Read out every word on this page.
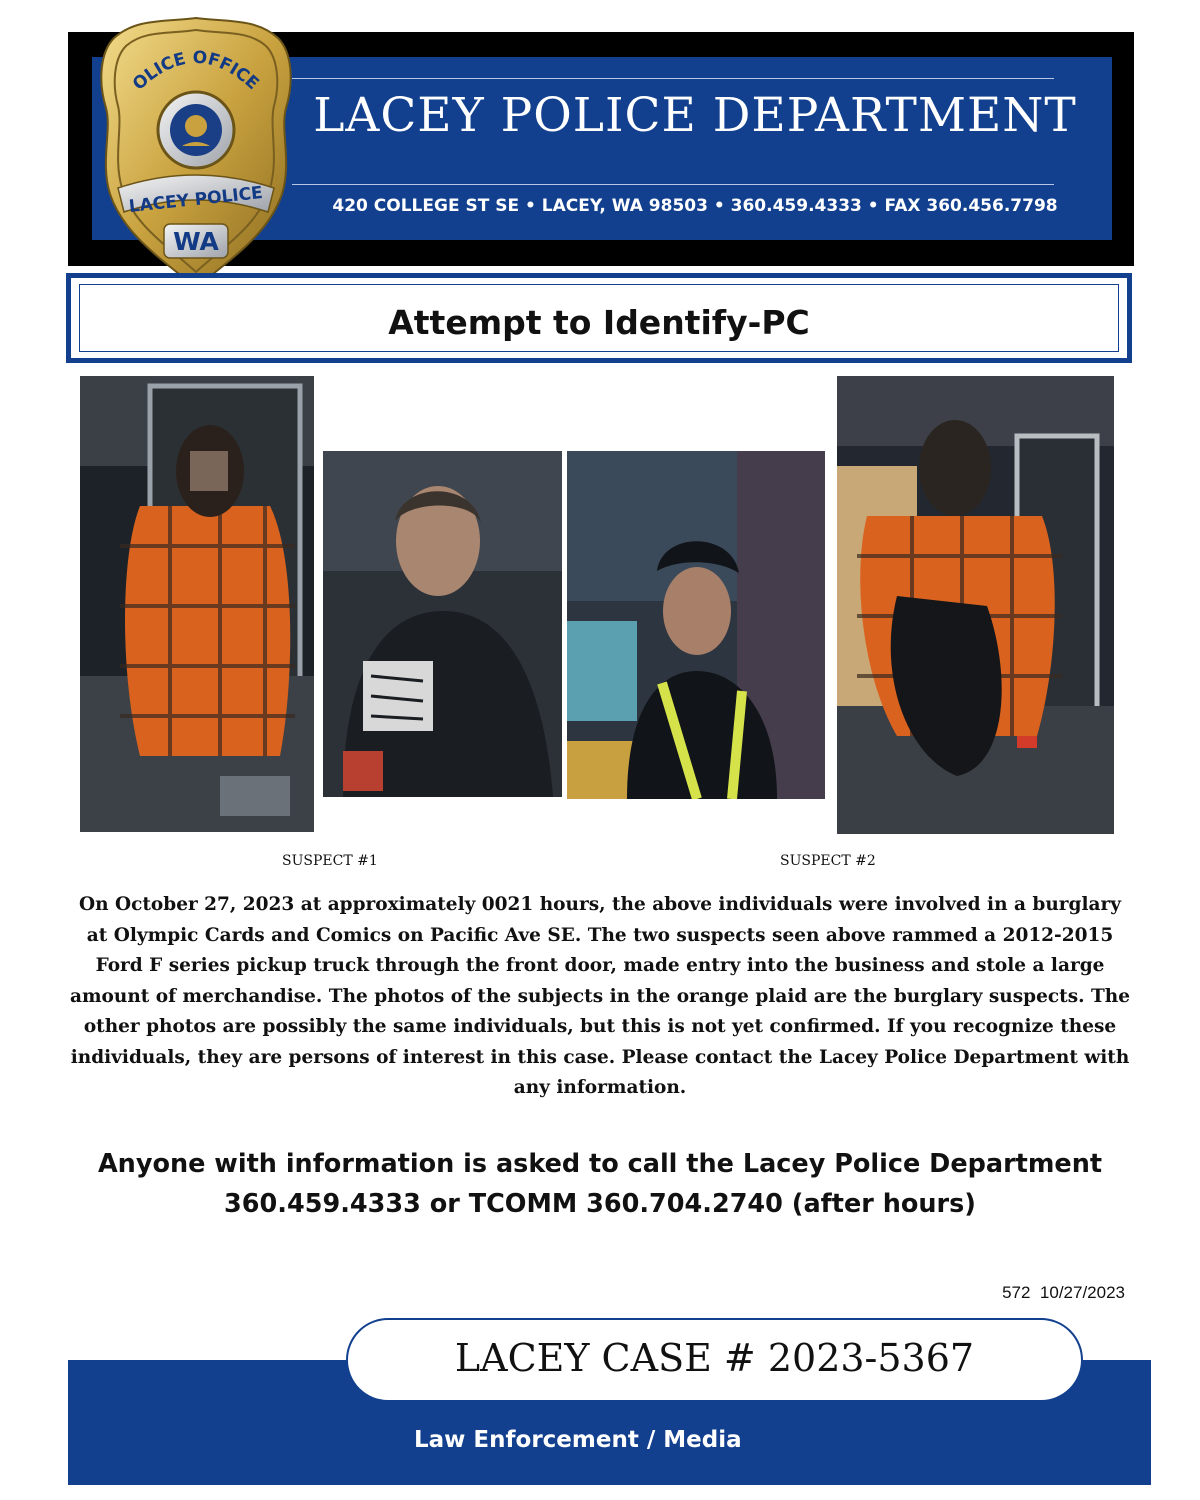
LACEY POLICE DEPARTMENT
420 COLLEGE ST SE • LACEY, WA 98503 • 360.459.4333 • FAX 360.456.7798
OLICE OFFICE
LACEY POLICE
WA
Attempt to Identify-PC
SUSPECT #1	SUSPECT #2
On October 27, 2023 at approximately 0021 hours, the above individuals were involved in a burglary at Olympic Cards and Comics on Pacific Ave SE. The two suspects seen above rammed a 2012-2015 Ford F series pickup truck through the front door, made entry into the business and stole a large amount of merchandise. The photos of the subjects in the orange plaid are the burglary suspects. The other photos are possibly the same individuals, but this is not yet confirmed. If you recognize these individuals, they are persons of interest in this case. Please contact the Lacey Police Department with any information.
Anyone with information is asked to call the Lacey Police Department
360.459.4333 or TCOMM 360.704.2740 (after hours)
572  10/27/2023
LACEY CASE # 2023-5367
Law Enforcement / Media
